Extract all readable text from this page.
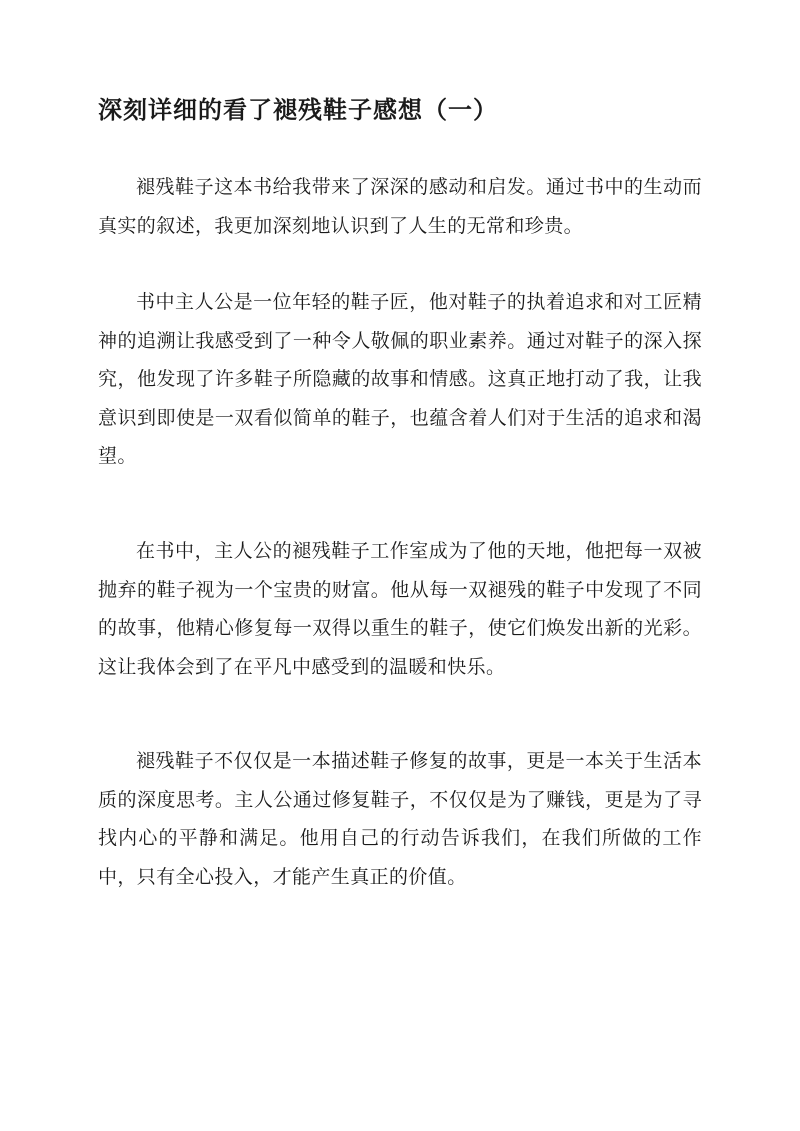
深刻详细的看了褪残鞋子感想（一）

褪残鞋子这本书给我带来了深深的感动和启发。通过书中的生动而真实的叙述，我更加深刻地认识到了人生的无常和珍贵。

书中主人公是一位年轻的鞋子匠，他对鞋子的执着追求和对工匠精神的追溯让我感受到了一种令人敬佩的职业素养。通过对鞋子的深入探究，他发现了许多鞋子所隐藏的故事和情感。这真正地打动了我，让我意识到即使是一双看似简单的鞋子，也蕴含着人们对于生活的追求和渴望。

在书中，主人公的褪残鞋子工作室成为了他的天地，他把每一双被抛弃的鞋子视为一个宝贵的财富。他从每一双褪残的鞋子中发现了不同的故事，他精心修复每一双得以重生的鞋子，使它们焕发出新的光彩。这让我体会到了在平凡中感受到的温暖和快乐。

褪残鞋子不仅仅是一本描述鞋子修复的故事，更是一本关于生活本质的深度思考。主人公通过修复鞋子，不仅仅是为了赚钱，更是为了寻找内心的平静和满足。他用自己的行动告诉我们，在我们所做的工作中，只有全心投入，才能产生真正的价值。
